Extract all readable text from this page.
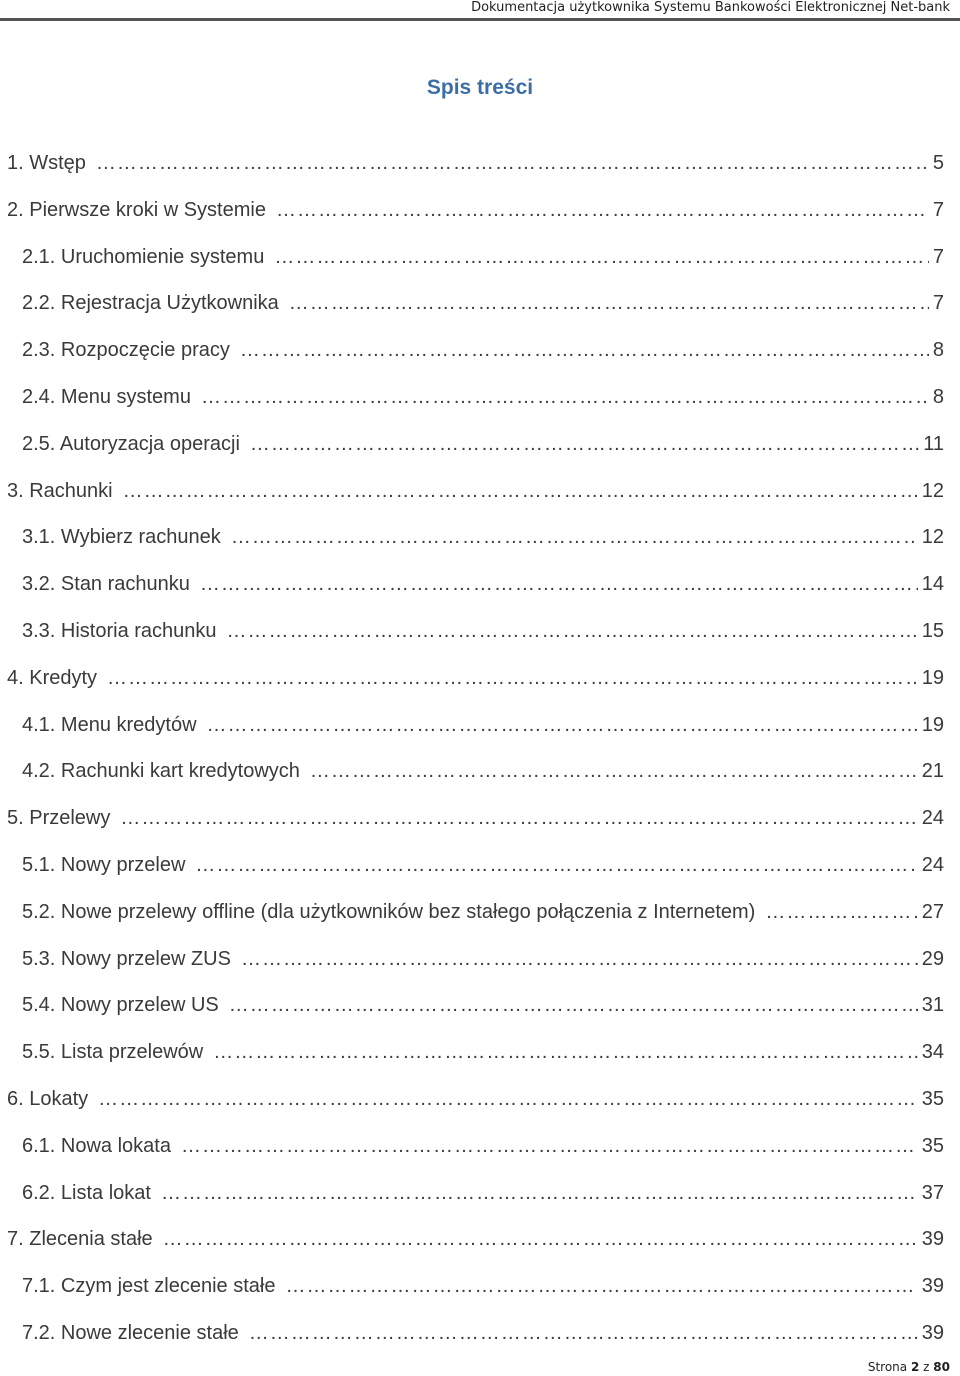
Dokumentacja użytkownika Systemu Bankowości Elektronicznej Net-bank
Spis treści
1. Wstęp ……………………………………………………………………………………………………………………………………………………………………………………………………………………………………	5
2. Pierwsze kroki w Systemie ……………………………………………………………………………………………………………………………………………………………………………………………………………………………………	7
2.1. Uruchomienie systemu ……………………………………………………………………………………………………………………………………………………………………………………………………………………………………	7
2.2. Rejestracja Użytkownika ……………………………………………………………………………………………………………………………………………………………………………………………………………………………………	7
2.3. Rozpoczęcie pracy ……………………………………………………………………………………………………………………………………………………………………………………………………………………………………	8
2.4. Menu systemu ……………………………………………………………………………………………………………………………………………………………………………………………………………………………………	8
2.5. Autoryzacja operacji ……………………………………………………………………………………………………………………………………………………………………………………………………………………………………	11
3. Rachunki ……………………………………………………………………………………………………………………………………………………………………………………………………………………………………	12
3.1. Wybierz rachunek ……………………………………………………………………………………………………………………………………………………………………………………………………………………………………	12
3.2. Stan rachunku ……………………………………………………………………………………………………………………………………………………………………………………………………………………………………	14
3.3. Historia rachunku ……………………………………………………………………………………………………………………………………………………………………………………………………………………………………	15
4. Kredyty ……………………………………………………………………………………………………………………………………………………………………………………………………………………………………	19
4.1. Menu kredytów ……………………………………………………………………………………………………………………………………………………………………………………………………………………………………	19
4.2. Rachunki kart kredytowych ……………………………………………………………………………………………………………………………………………………………………………………………………………………………………	21
5. Przelewy ……………………………………………………………………………………………………………………………………………………………………………………………………………………………………	24
5.1. Nowy przelew ……………………………………………………………………………………………………………………………………………………………………………………………………………………………………	24
5.2. Nowe przelewy offline (dla użytkowników bez stałego połączenia z Internetem) ……………………………………………………………………………………………………………………………………………………………………………………………………………………………………	27
5.3. Nowy przelew ZUS ……………………………………………………………………………………………………………………………………………………………………………………………………………………………………	29
5.4. Nowy przelew US ……………………………………………………………………………………………………………………………………………………………………………………………………………………………………	31
5.5. Lista przelewów ……………………………………………………………………………………………………………………………………………………………………………………………………………………………………	34
6. Lokaty ……………………………………………………………………………………………………………………………………………………………………………………………………………………………………	35
6.1. Nowa lokata ……………………………………………………………………………………………………………………………………………………………………………………………………………………………………	35
6.2. Lista lokat ……………………………………………………………………………………………………………………………………………………………………………………………………………………………………	37
7. Zlecenia stałe ……………………………………………………………………………………………………………………………………………………………………………………………………………………………………	39
7.1. Czym jest zlecenie stałe ……………………………………………………………………………………………………………………………………………………………………………………………………………………………………	39
7.2. Nowe zlecenie stałe ……………………………………………………………………………………………………………………………………………………………………………………………………………………………………	39
Strona 2 z 80
